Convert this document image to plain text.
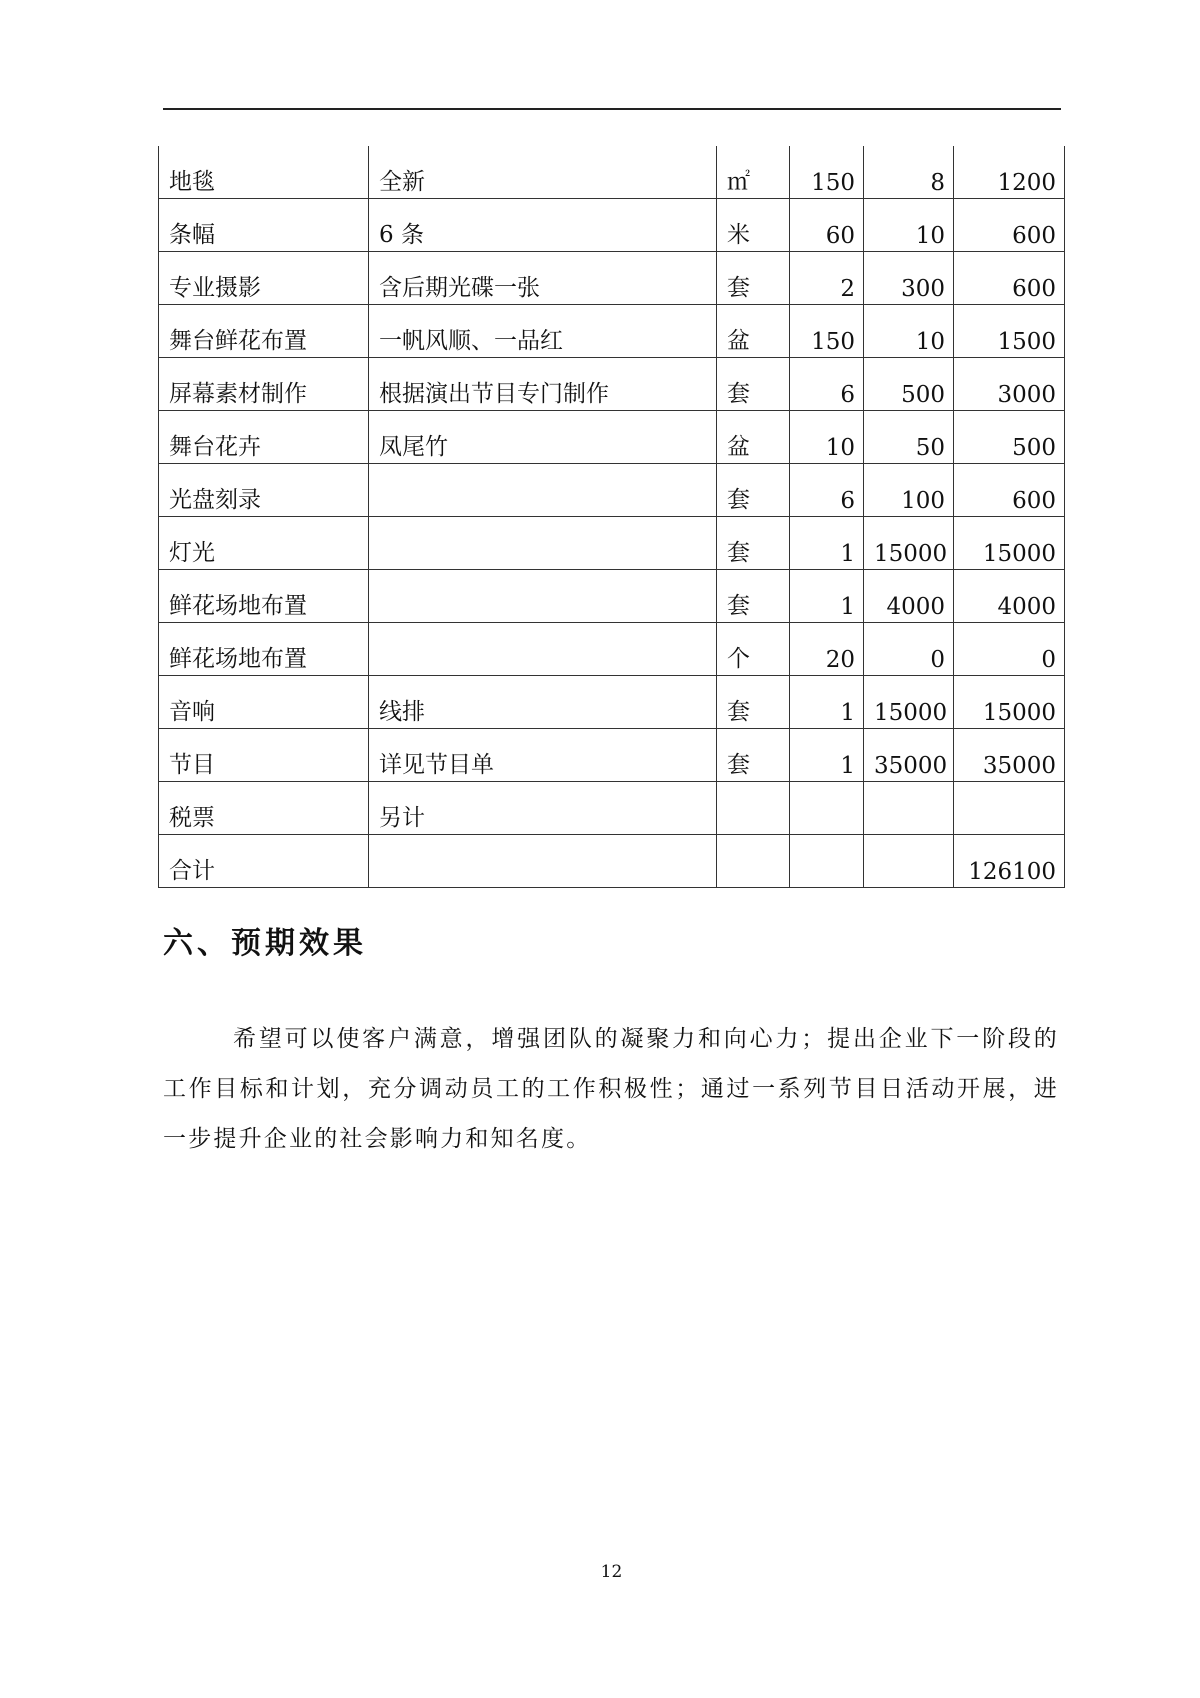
地毯	全新	㎡	150	8	1200
条幅	6 条	米	60	10	600
专业摄影	含后期光碟一张	套	2	300	600
舞台鲜花布置	一帆风顺、一品红	盆	150	10	1500
屏幕素材制作	根据演出节目专门制作	套	6	500	3000
舞台花卉	凤尾竹	盆	10	50	500
光盘刻录		套	6	100	600
灯光		套	1	15000	15000
鲜花场地布置		套	1	4000	4000
鲜花场地布置		个	20	0	0
音响	线排	套	1	15000	15000
节目	详见节目单	套	1	35000	35000
税票	另计				
合计					126100
六、预期效果

希望可以使客户满意，增强团队的凝聚力和向心力；提出企业下一阶段的工作目标和计划，充分调动员工的工作积极性；通过一系列节目日活动开展，进一步提升企业的社会影响力和知名度。

12
